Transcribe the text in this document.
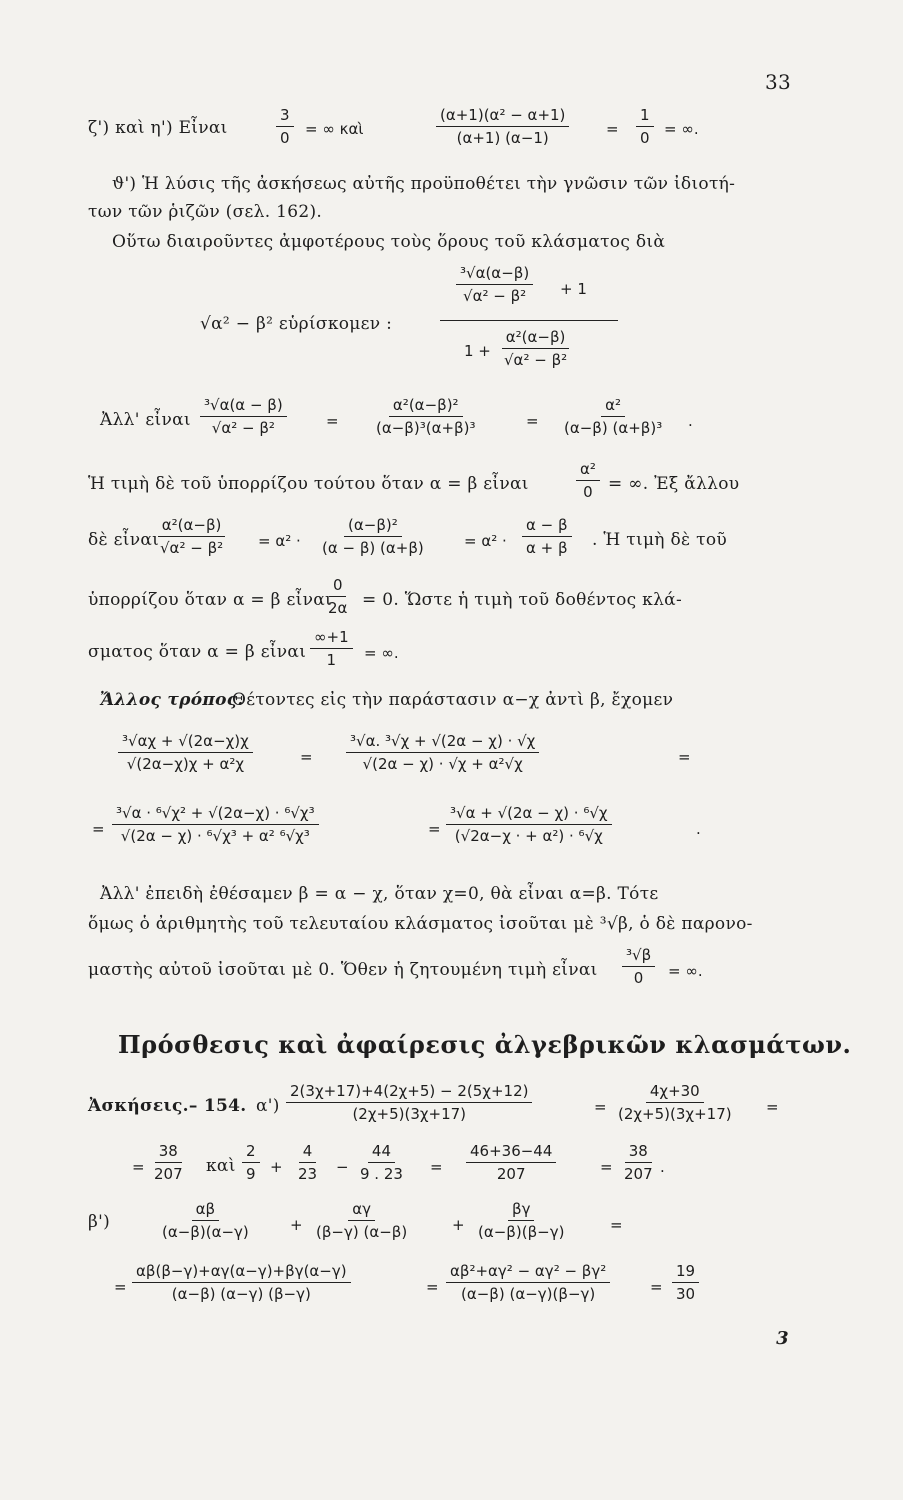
33
ζ') καὶ η') Εἶναι	$\frac{3}{0}$ = ∞ καὶ	$\frac{\text{(α+1)(α² − α+1)}}{(\alpha+1) (\alpha-1)} = \frac{1}{0}$ = ∞.
ϑ') Ἡ λύσις τῆς ἀσκήσεως αὐτῆς προϋποθέτει τὴν γνῶσιν τῶν ἰδιοτή-
των τῶν ῥιζῶν (σελ. 162).
Οὕτω διαιροῦντες ἀμφοτέρους τοὺς ὅρους τοῦ κλάσματος διὰ
√α² − β² εὑρίσκομεν :
$\frac{\text{³√α(α−β)}}{\text{√α² − β²}} + 1$
$1 + \frac{\text{α²(α−β)}}{\text{√α² − β²}}$
Ἀλλ' εἶναι $\frac{\text{³√α(α − β)}}{\text{√α² − β²}}$	= $\frac{\text{α²(α−β)²}}{\text{(α−β)³(α+β)³}}$	= $\frac{\text{α²}}{\text{(α−β) (α+β)³}}$ .
Ἡ τιμὴ δὲ τοῦ ὑπορρίζου τούτου ὅταν α = β εἶναι	$\frac{\text{α²}}{0}$ = ∞. Ἐξ ἄλλου
δὲ εἶναι
$\frac{\text{α²(α−β)}}{\text{√α² − β²}} = \alpha^2 \cdot \frac{\text{(α−β)²}}{(\alpha - \beta) (\alpha+\beta)} = \alpha^2 \cdot \frac{\alpha - \beta}{\alpha + \beta}$ . Ἡ τιμὴ δὲ τοῦ
ὑπορρίζου ὅταν α = β εἶναι
$\frac{0}{2\alpha} = 0$. Ὥστε ἡ τιμὴ τοῦ δοθέντος κλά-
σματος ὅταν α = β εἶναι $\frac{\infty+1}{1}$ = ∞.
Ἄλλος τρόπος.
Θέτοντες εἰς τὴν παράστασιν α−χ ἀντὶ β, ἔχομεν
$\frac{\text{³√αχ + √(2α−χ)χ}}{\text{√(2α−χ)χ + α²χ}}$	= $\frac{\text{³√α. ³√χ + √(2α − χ) · √χ}}{\text{√(2α − χ) · √χ + α²√χ}}$	=
= $\frac{\text{³√α · ⁶√χ² + √(2α−χ) · ⁶√χ³}}{\text{√(2α − χ) · ⁶√χ³ + α² ⁶√χ³}}$	= $\frac{\text{³√α + √(2α − χ) · ⁶√χ}}{\text{(√2α−χ · + α²) · ⁶√χ}}$	.
Ἀλλ' ἐπειδὴ ἐθέσαμεν β = α − χ, ὅταν χ=0, θὰ εἶναι α=β. Τότε
ὅμως ὁ ἀριθμητὴς τοῦ τελευταίου κλάσματος ἰσοῦται μὲ ³√β, ὁ δὲ παρονο-
μαστὴς αὐτοῦ ἰσοῦται μὲ 0. Ὅθεν ἡ ζητουμένη τιμὴ εἶναι $\frac{\text{³√β}}{0}$ = ∞.
Πρόσθεσις καὶ ἀφαίρεσις ἀλγεβρικῶν κλασμάτων.
Ἀσκήσεις.– 154. $\alpha') \frac{2(3\chi+17)+4(2\chi+5) - 2(5\chi+12)}{(2\chi+5)(3\chi+17)}$	= $\frac{4\chi+30}{(2\chi+5)(3\chi+17)}$ =
= $\frac{38}{207}$ καὶ $\frac{2}{9} + \frac{4}{23} - \frac{44}{9 . 23} = \frac{46+36-44}{207}$	= $\frac{38}{207}$ .
β')	$\frac{\alpha\beta}{(\alpha-\beta)(\alpha-\gamma)} + \frac{\alpha\gamma}{(\beta-\gamma) (\alpha-\beta)}$	+ $\frac{\beta\gamma}{(\alpha-\beta)(\beta-\gamma)}$	=
= $\frac{\alpha\beta(\beta-\gamma)+\alpha\gamma(\alpha-\gamma)+\beta\gamma(\alpha-\gamma)}{(\alpha-\beta) (\alpha-\gamma) (\beta-\gamma)}$	= $\frac{\text{αβ²+αγ² − αγ² − βγ²}}{(\alpha-\beta) (\alpha-\gamma)(\beta-\gamma)}$	= $\frac{19}{30}$
3
